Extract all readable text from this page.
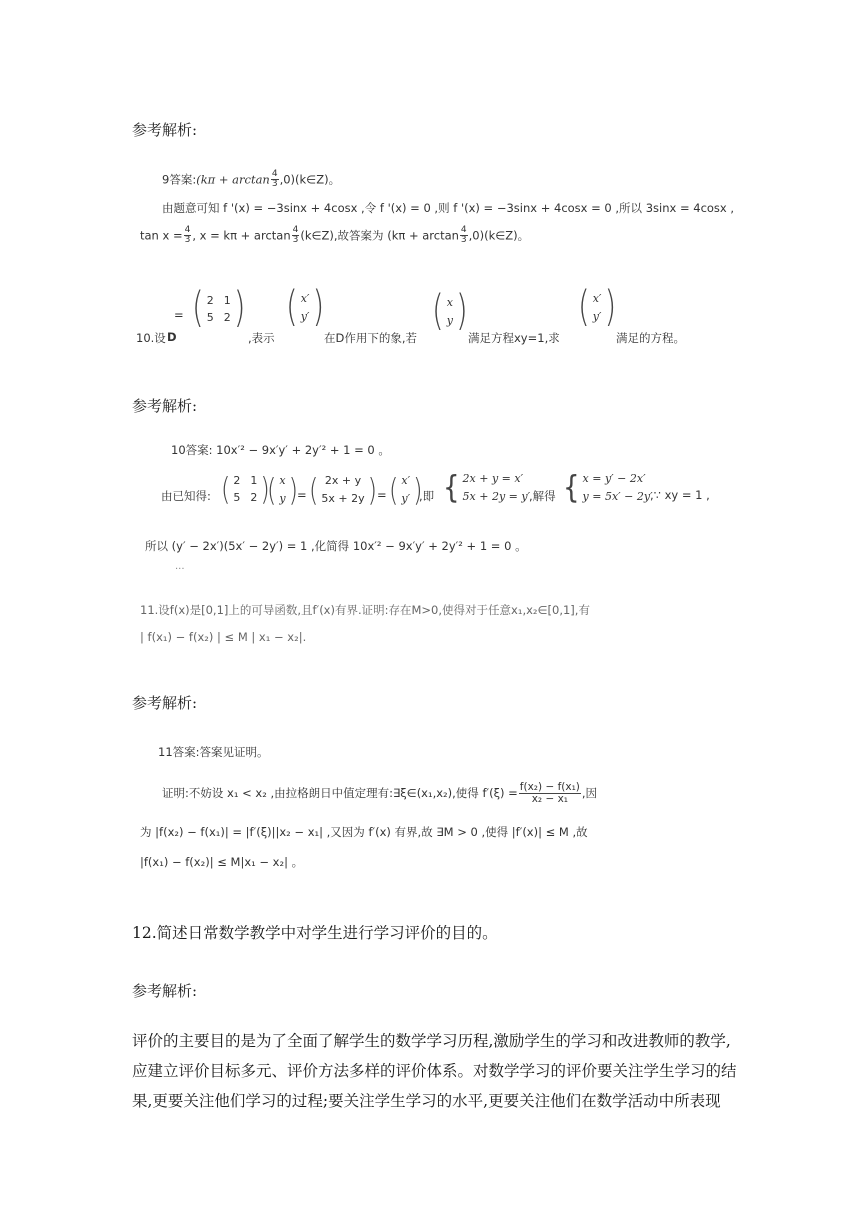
参考解析:
9答案:(kπ + $\arctan \frac{4}{3}$ ,0)(k∈Z)。
由题意可知 f '(x) = −3sinx + 4cosx ,令 f '(x) = 0 ,则 f '(x) = −3sinx + 4cosx = 0 ,所以 3sinx = 4cosx ,
$\tan x = \frac{4}{3}$ , $x = k\pi + \arctan \frac{4}{3}$ (k∈Z),故答案为 ($k\pi + \arctan \frac{4}{3}$ ,0)(k∈Z)。
10.设 D
= ( 2 1
5 2 )
,表示
( x′
y′ )
在D作用下的象,若
( x
y )
满足方程xy=1,求
( x′
y′ )
满足的方程。
参考解析:
10答案: 10x′² − 9x′y′ + 2y′² + 1 = 0 。
由已知得: ( 2 1
5 2 )
( x
y ) = ( 2x + y
5x + 2y ) = ( x′
y′ )
,即 { 2x + y = x′
5x + 2y = y′
,解得 { x = y′ − 2x′
y = 5x′ − 2y′
,∵ xy = 1 ,
所以 (y′ − 2x′)(5x′ − 2y′) = 1 ,化简得 10x′² − 9x′y′ + 2y′² + 1 = 0 。
···
11.设f(x)是[0,1]上的可导函数,且f′(x)有界.证明:存在M>0,使得对于任意x₁,x₂∈[0,1],有
| f(x₁) − f(x₂) | ≤ M | x₁ − x₂|.
参考解析:
11答案:答案见证明。
证明:不妨设 x₁ < x₂ ,由拉格朗日中值定理有:∃ξ∈(x₁,x₂),使得 $f'(\xi) = \frac{\text{f(x₂) − f(x₁)}}{\text{x₂ − x₁}}$ ,因
为 |f(x₂) − f(x₁)| = |f′(ξ)||x₂ − x₁| ,又因为 f′(x) 有界,故 ∃M > 0 ,使得 |f′(x)| ≤ M ,故
|f(x₁) − f(x₂)| ≤ M|x₁ − x₂| 。
12.简述日常数学教学中对学生进行学习评价的目的。
参考解析:
评价的主要目的是为了全面了解学生的数学学习历程,激励学生的学习和改进教师的教学,
应建立评价目标多元、评价方法多样的评价体系。对数学学习的评价要关注学生学习的结
果,更要关注他们学习的过程;要关注学生学习的水平,更要关注他们在数学活动中所表现
